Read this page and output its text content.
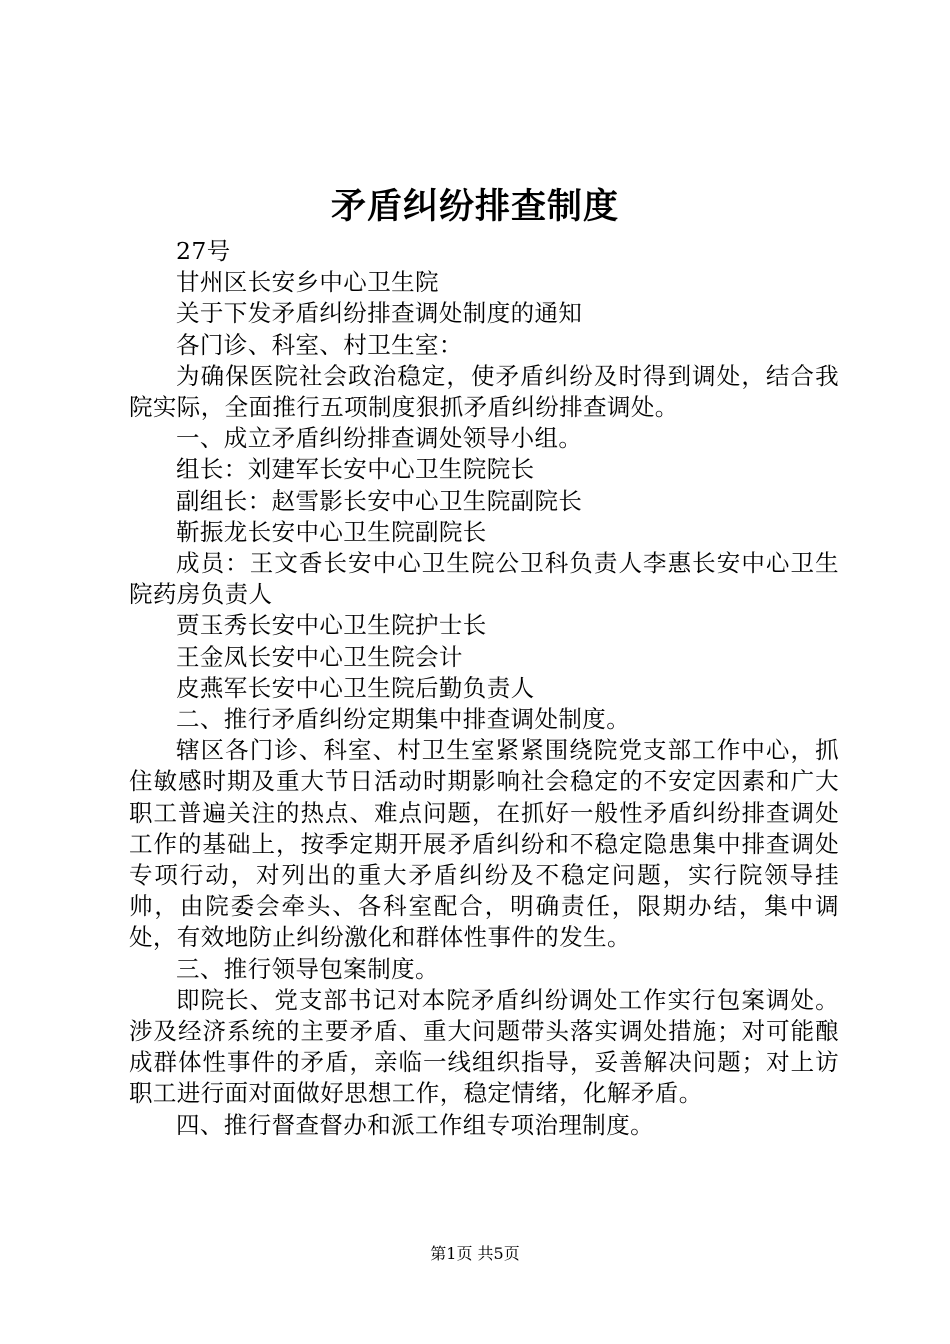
矛盾纠纷排查制度

27号

甘州区长安乡中心卫生院

关于下发矛盾纠纷排查调处制度的通知

各门诊、科室、村卫生室：

为确保医院社会政治稳定，使矛盾纠纷及时得到调处，结合我院实际，全面推行五项制度狠抓矛盾纠纷排查调处。

一、成立矛盾纠纷排查调处领导小组。

组长：刘建军长安中心卫生院院长

副组长：赵雪影长安中心卫生院副院长

靳振龙长安中心卫生院副院长

成员：王文香长安中心卫生院公卫科负责人李惠长安中心卫生院药房负责人

贾玉秀长安中心卫生院护士长

王金凤长安中心卫生院会计

皮燕军长安中心卫生院后勤负责人

二、推行矛盾纠纷定期集中排查调处制度。

辖区各门诊、科室、村卫生室紧紧围绕院党支部工作中心，抓住敏感时期及重大节日活动时期影响社会稳定的不安定因素和广大职工普遍关注的热点、难点问题，在抓好一般性矛盾纠纷排查调处工作的基础上，按季定期开展矛盾纠纷和不稳定隐患集中排查调处专项行动，对列出的重大矛盾纠纷及不稳定问题，实行院领导挂帅，由院委会牵头、各科室配合，明确责任，限期办结，集中调处，有效地防止纠纷激化和群体性事件的发生。

三、推行领导包案制度。

即院长、党支部书记对本院矛盾纠纷调处工作实行包案调处。涉及经济系统的主要矛盾、重大问题带头落实调处措施；对可能酿成群体性事件的矛盾，亲临一线组织指导，妥善解决问题；对上访职工进行面对面做好思想工作，稳定情绪，化解矛盾。

四、推行督查督办和派工作组专项治理制度。

第1页 共5页
